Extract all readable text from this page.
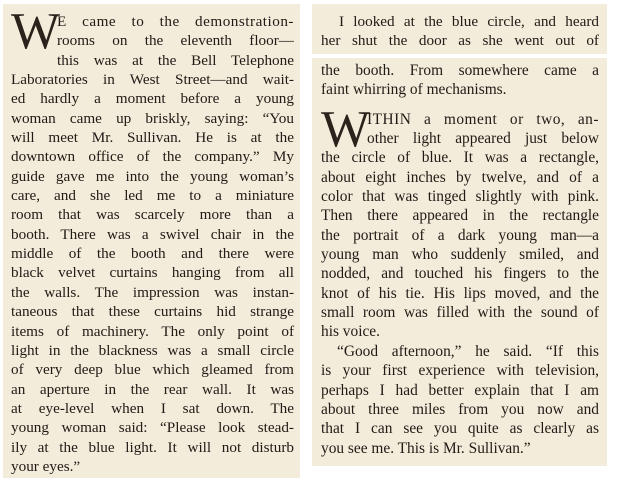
W
E came to the demonstration-
rooms on the eleventh floor—
this was at the Bell Telephone
Laboratories in West Street—and wait-
ed hardly a moment before a young
woman came up briskly, saying: “You
will meet Mr. Sullivan. He is at the
downtown office of the company.” My
guide gave me into the young woman’s
care, and she led me to a miniature
room that was scarcely more than a
booth. There was a swivel chair in the
middle of the booth and there were
black velvet curtains hanging from all
the walls. The impression was instan-
taneous that these curtains hid strange
items of machinery. The only point of
light in the blackness was a small circle
of very deep blue which gleamed from
an aperture in the rear wall. It was
at eye-level when I sat down. The
young woman said: “Please look stead-
ily at the blue light. It will not disturb
your eyes.”
I looked at the blue circle, and heard
her shut the door as she went out of
the booth. From somewhere came a
faint whirring of mechanisms.
W
ITHIN a moment or two, an-
other light appeared just below
the circle of blue. It was a rectangle,
about eight inches by twelve, and of a
color that was tinged slightly with pink.
Then there appeared in the rectangle
the portrait of a dark young man—a
young man who suddenly smiled, and
nodded, and touched his fingers to the
knot of his tie. His lips moved, and the
small room was filled with the sound of
his voice.
“Good afternoon,” he said. “If this
is your first experience with television,
perhaps I had better explain that I am
about three miles from you now and
that I can see you quite as clearly as
you see me. This is Mr. Sullivan.”
